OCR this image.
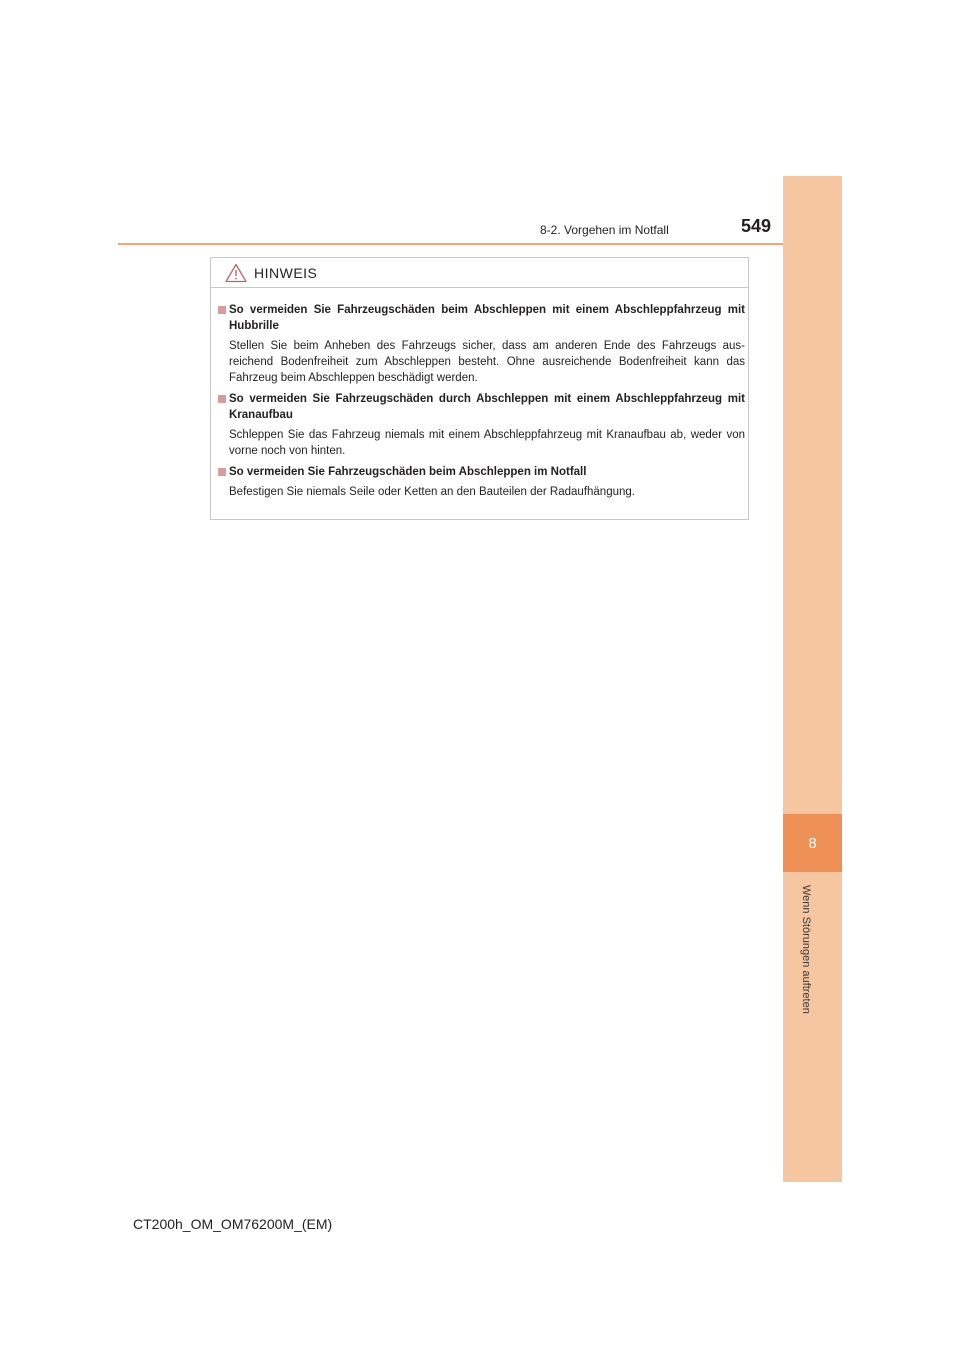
8
Wenn Störungen auftreten
8-2. Vorgehen im Notfall	549
HINWEIS
So vermeiden Sie Fahrzeugschäden beim Abschleppen mit einem Abschleppfahrzeug mit Hubbrille
Stellen Sie beim Anheben des Fahrzeugs sicher, dass am anderen Ende des Fahrzeugs aus-reichend Bodenfreiheit zum Abschleppen besteht. Ohne ausreichende Bodenfreiheit kann das Fahrzeug beim Abschleppen beschädigt werden.
So vermeiden Sie Fahrzeugschäden durch Abschleppen mit einem Abschleppfahrzeug mit Kranaufbau
Schleppen Sie das Fahrzeug niemals mit einem Abschleppfahrzeug mit Kranaufbau ab, weder von vorne noch von hinten.
So vermeiden Sie Fahrzeugschäden beim Abschleppen im Notfall
Befestigen Sie niemals Seile oder Ketten an den Bauteilen der Radaufhängung.
CT200h_OM_OM76200M_(EM)
